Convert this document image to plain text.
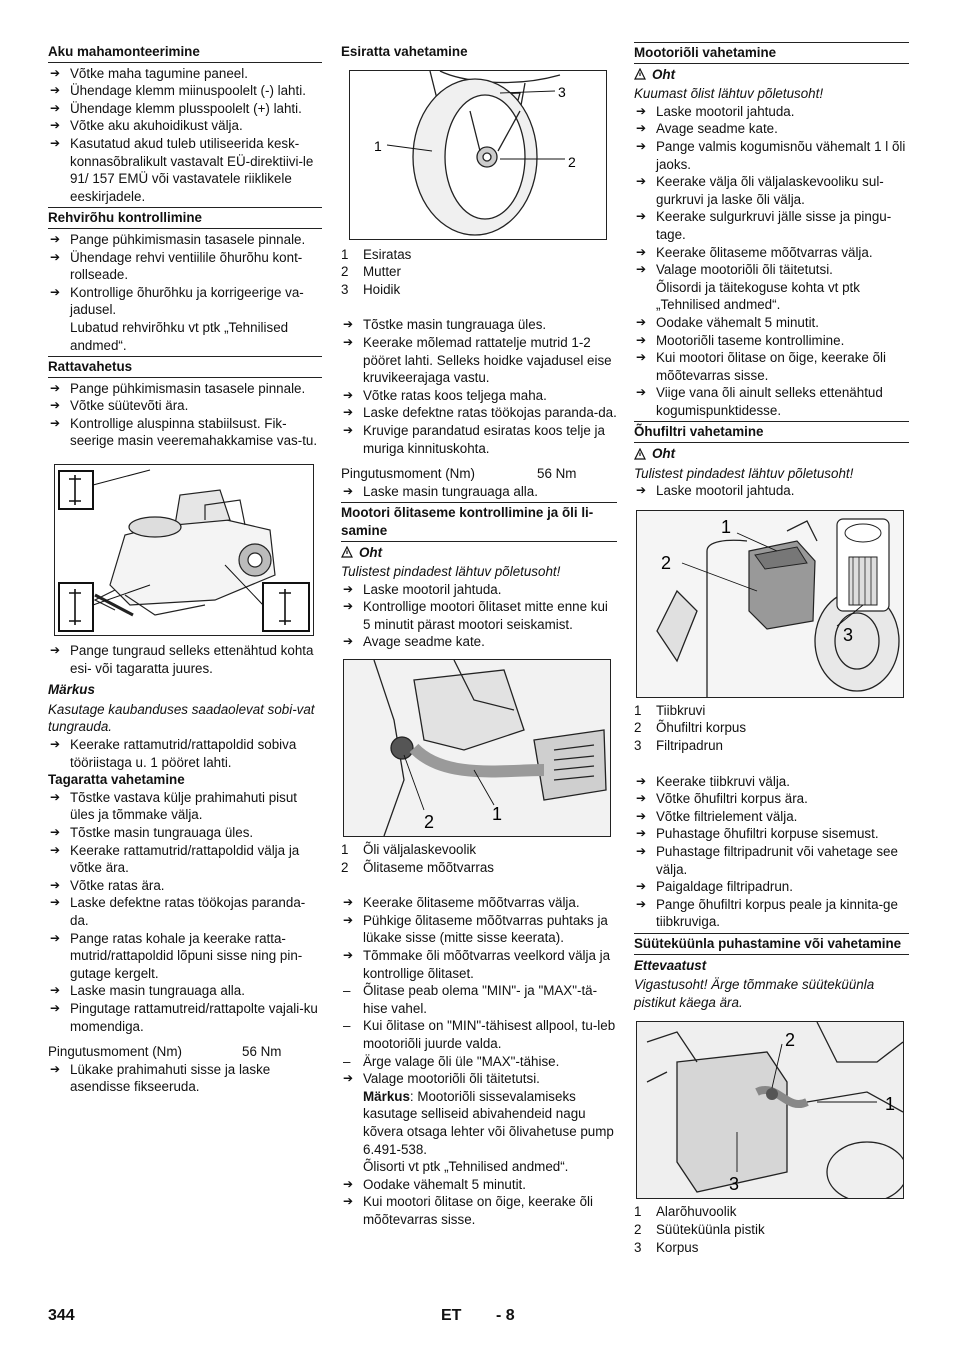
Aku mahamonteerimine
➔ Võtke maha tagumine paneel.
➔ Ühendage klemm miinuspoolelt (-) lahti.
➔ Ühendage klemm plusspoolelt (+) lahti.
➔ Võtke aku akuhoidikust välja.
➔ Kasutatud akud tuleb utiliseerida kesk-konnasõbralikult vastavalt EÜ-direktiivi-le 91/ 157 EMÜ või vastavatele riiklikele eeskirjadele.
Rehvirõhu kontrollimine
➔ Pange pühkimismasin tasasele pinnale.
➔ Ühendage rehvi ventiilile õhurõhu kont-rollseade.
➔ Kontrollige õhurõhku ja korrigeerige va-jadusel.
Lubatud rehvirõhku vt ptk „Tehnilised andmed“.
Rattavahetus
➔ Pange pühkimismasin tasasele pinnale.
➔ Võtke süütevõti ära.
➔ Kontrollige aluspinna stabiilsust. Fik-seerige masin veeremahakkamise vas-tu.
➔ Pange tungraud selleks ettenähtud kohta esi- või tagaratta juures.
Märkus
Kasutage kaubanduses saadaolevat sobi-vat tungrauda.
➔ Keerake rattamutrid/rattapoldid sobiva tööriistaga u. 1 pööret lahti.
Tagaratta vahetamine
➔ Tõstke vastava külje prahimahuti pisut üles ja tõmmake välja.
➔ Tõstke masin tungrauaga üles.
➔ Keerake rattamutrid/rattapoldid välja ja võtke ära.
➔ Võtke ratas ära.
➔ Laske defektne ratas töökojas paranda-da.
➔ Pange ratas kohale ja keerake ratta-mutrid/rattapoldid lõpuni sisse ning pin-gutage kergelt.
➔ Laske masin tungrauaga alla.
➔ Pingutage rattamutreid/rattapolte vajali-ku momendiga.
Pingutusmoment (Nm)	56 Nm
➔ Lükake prahimahuti sisse ja laske asendisse fikseeruda.
Esiratta vahetamine
1
2
3
1	Esiratas
2	Mutter
3	Hoidik
➔ Tõstke masin tungrauaga üles.
➔ Keerake mõlemad rattatelje mutrid 1-2 pööret lahti. Selleks hoidke vajadusel eise kruvikeerajaga vastu.
➔ Võtke ratas koos teljega maha.
➔ Laske defektne ratas töökojas paranda-da.
➔ Kruvige parandatud esiratas koos telje ja muriga kinnituskohta.
Pingutusmoment (Nm)	56 Nm
➔ Laske masin tungrauaga alla.
Mootori õlitaseme kontrollimine ja õli li-samine
Oht
Tulistest pindadest lähtuv põletusoht!
➔ Laske mootoril jahtuda.
➔ Kontrollige mootori õlitaset mitte enne kui 5 minutit pärast mootori seiskamist.
➔ Avage seadme kate.
2	1
1	Õli väljalaskevoolik
2	Õlitaseme mõõtvarras
➔ Keerake õlitaseme mõõtvarras välja.
➔ Pühkige õlitaseme mõõtvarras puhtaks ja lükake sisse (mitte sisse keerata).
➔ Tõmmake õli mõõtvarras veelkord välja ja kontrollige õlitaset.
– Õlitase peab olema "MIN"- ja "MAX"-tä-hise vahel.
– Kui õlitase on "MIN"-tähisest allpool, tu-leb mootoriõli juurde valda.
– Ärge valage õli üle "MAX"-tähise.
➔ Valage mootoriõli õli täitetutsi.
Märkus: Mootoriõli sissevalamiseks kasutage selliseid abivahendeid nagu kõvera otsaga lehter või õlivahetuse pump 6.491-538.
Õlisorti vt ptk „Tehnilised andmed“.
➔ Oodake vähemalt 5 minutit.
➔ Kui mootori õlitase on õige, keerake õli mõõtevarras sisse.
Mootoriõli vahetamine
Oht
Kuumast õlist lähtuv põletusoht!
➔ Laske mootoril jahtuda.
➔ Avage seadme kate.
➔ Pange valmis kogumisnõu vähemalt 1 l õli jaoks.
➔ Keerake välja õli väljalaskevooliku sul-gurkruvi ja laske õli välja.
➔ Keerake sulgurkruvi jälle sisse ja pingu-tage.
➔ Keerake õlitaseme mõõtvarras välja.
➔ Valage mootoriõli õli täitetutsi.
Õlisordi ja täitekoguse kohta vt ptk „Tehnilised andmed“.
➔ Oodake vähemalt 5 minutit.
➔ Mootoriõli taseme kontrollimine.
➔ Kui mootori õlitase on õige, keerake õli mõõtevarras sisse.
➔ Viige vana õli ainult selleks ettenähtud kogumispunktidesse.
Õhufiltri vahetamine
Oht
Tulistest pindadest lähtuv põletusoht!
➔ Laske mootoril jahtuda.
1
2
3
1	Tiibkruvi
2	Õhufiltri korpus
3	Filtripadrun
➔ Keerake tiibkruvi välja.
➔ Võtke õhufiltri korpus ära.
➔ Võtke filtrielement välja.
➔ Puhastage õhufiltri korpuse sisemust.
➔ Puhastage filtripadrunit või vahetage see välja.
➔ Paigaldage filtripadrun.
➔ Pange õhufiltri korpus peale ja kinnita-ge tiibkruviga.
Süüteküünla puhastamine või vahetamine
Ettevaatust
Vigastusoht! Ärge tõmmake süüteküünla pistikut käega ära.
2
1
3
1	Alarõhuvoolik
2	Süüteküünla pistik
3	Korpus
344	ET - 8
